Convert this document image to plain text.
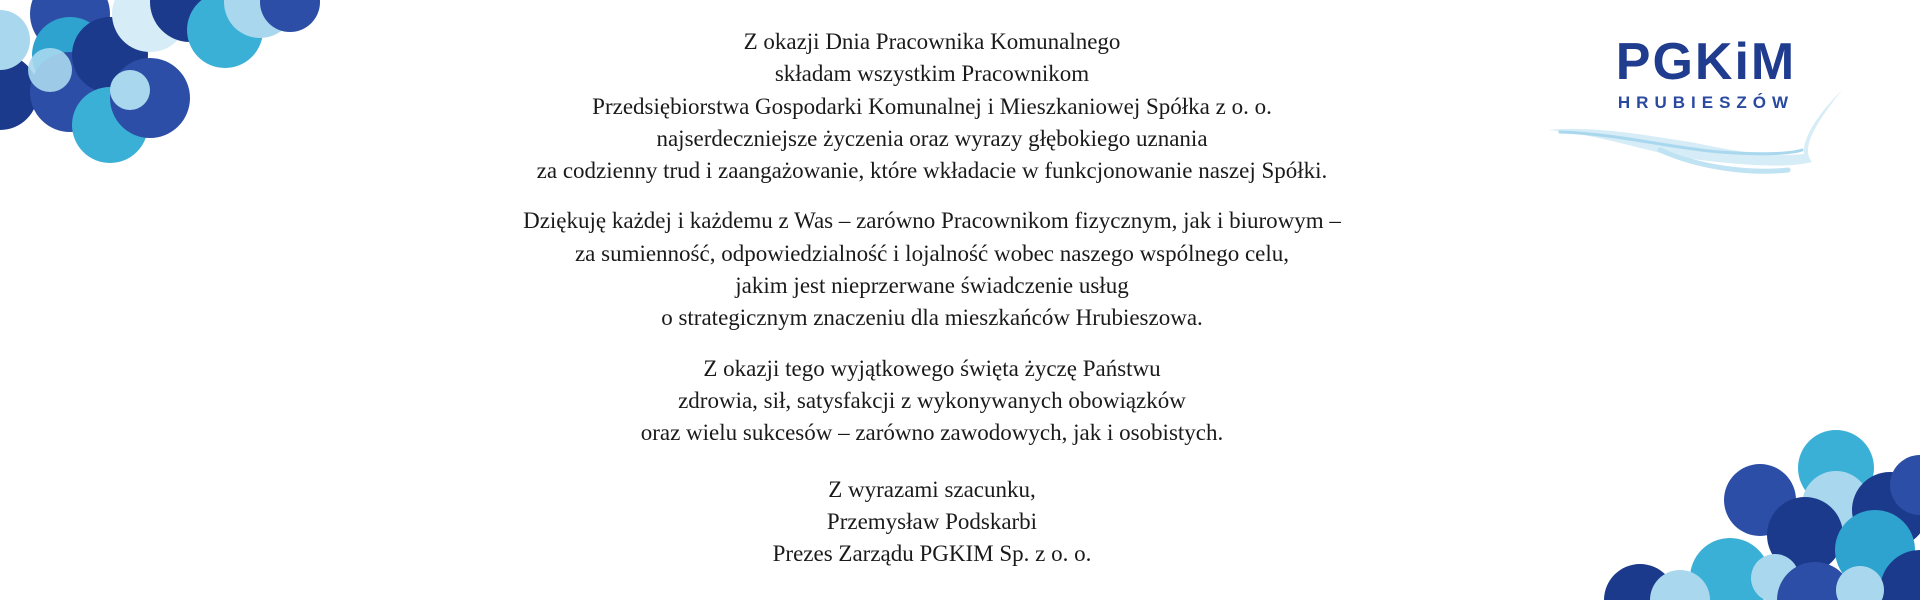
PGKiM
HRUBIESZÓW

Z okazji Dnia Pracownika Komunalnego
składam wszystkim Pracownikom
Przedsiębiorstwa Gospodarki Komunalnej i Mieszkaniowej Spółka z o. o.
najserdeczniejsze życzenia oraz wyrazy głębokiego uznania
za codzienny trud i zaangażowanie, które wkładacie w funkcjonowanie naszej Spółki.

Dziękuję każdej i każdemu z Was – zarówno Pracownikom fizycznym, jak i biurowym –
za sumienność, odpowiedzialność i lojalność wobec naszego wspólnego celu,
jakim jest nieprzerwane świadczenie usług
o strategicznym znaczeniu dla mieszkańców Hrubieszowa.

Z okazji tego wyjątkowego święta życzę Państwu
zdrowia, sił, satysfakcji z wykonywanych obowiązków
oraz wielu sukcesów – zarówno zawodowych, jak i osobistych.

Z wyrazami szacunku,
Przemysław Podskarbi
Prezes Zarządu PGKIM Sp. z o. o.
